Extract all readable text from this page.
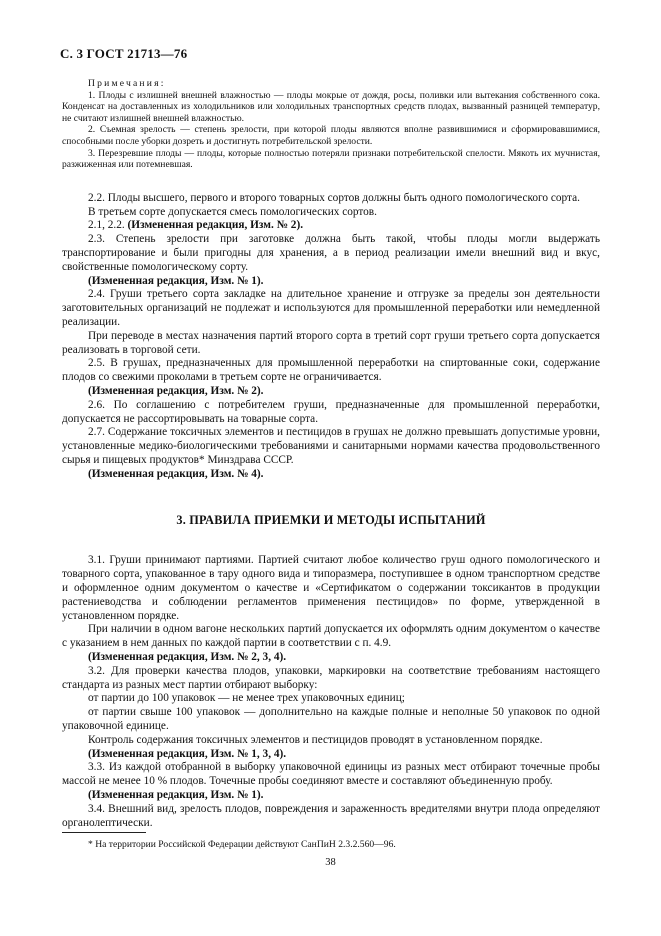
С. 3 ГОСТ 21713—76
Примечания:

1. Плоды с излишней внешней влажностью — плоды мокрые от дождя, росы, поливки или вытекания собственного сока. Конденсат на доставленных из холодильников или холодильных транспортных средств плодах, вызванный разницей температур, не считают излишней внешней влажностью.

2. Съемная зрелость — степень зрелости, при которой плоды являются вполне развившимися и сформировавшимися, способными после уборки дозреть и достигнуть потребительской зрелости.

3. Перезревшие плоды — плоды, которые полностью потеряли признаки потребительской спелости. Мякоть их мучнистая, разжиженная или потемневшая.

2.2. Плоды высшего, первого и второго товарных сортов должны быть одного помологического сорта.

В третьем сорте допускается смесь помологических сортов.

2.1, 2.2. (Измененная редакция, Изм. № 2).

2.3. Степень зрелости при заготовке должна быть такой, чтобы плоды могли выдержать транспортирование и были пригодны для хранения, а в период реализации имели внешний вид и вкус, свойственные помологическому сорту.

(Измененная редакция, Изм. № 1).

2.4. Груши третьего сорта закладке на длительное хранение и отгрузке за пределы зон деятельности заготовительных организаций не подлежат и используются для промышленной переработки или немедленной реализации.

При переводе в местах назначения партий второго сорта в третий сорт груши третьего сорта допускается реализовать в торговой сети.

2.5. В грушах, предназначенных для промышленной переработки на спиртованные соки, содержание плодов со свежими проколами в третьем сорте не ограничивается.

(Измененная редакция, Изм. № 2).

2.6. По соглашению с потребителем груши, предназначенные для промышленной переработки, допускается не рассортировывать на товарные сорта.

2.7. Содержание токсичных элементов и пестицидов в грушах не должно превышать допустимые уровни, установленные медико-биологическими требованиями и санитарными нормами качества продовольственного сырья и пищевых продуктов* Минздрава СССР.

(Измененная редакция, Изм. № 4).

3. ПРАВИЛА ПРИЕМКИ И МЕТОДЫ ИСПЫТАНИЙ

3.1. Груши принимают партиями. Партией считают любое количество груш одного помологического и товарного сорта, упакованное в тару одного вида и типоразмера, поступившее в одном транспортном средстве и оформленное одним документом о качестве и «Сертификатом о содержании токсикантов в продукции растениеводства и соблюдении регламентов применения пестицидов» по форме, утвержденной в установленном порядке.

При наличии в одном вагоне нескольких партий допускается их оформлять одним документом о качестве с указанием в нем данных по каждой партии в соответствии с п. 4.9.

(Измененная редакция, Изм. № 2, 3, 4).

3.2. Для проверки качества плодов, упаковки, маркировки на соответствие требованиям настоящего стандарта из разных мест партии отбирают выборку:

от партии до 100 упаковок — не менее трех упаковочных единиц;

от партии свыше 100 упаковок — дополнительно на каждые полные и неполные 50 упаковок по одной упаковочной единице.

Контроль содержания токсичных элементов и пестицидов проводят в установленном порядке.

(Измененная редакция, Изм. № 1, 3, 4).

3.3. Из каждой отобранной в выборку упаковочной единицы из разных мест отбирают точечные пробы массой не менее 10 % плодов. Точечные пробы соединяют вместе и составляют объединенную пробу.

(Измененная редакция, Изм. № 1).

3.4. Внешний вид, зрелость плодов, повреждения и зараженность вредителями внутри плода определяют органолептически.

* На территории Российской Федерации действуют СанПиН 2.3.2.560—96.

38
